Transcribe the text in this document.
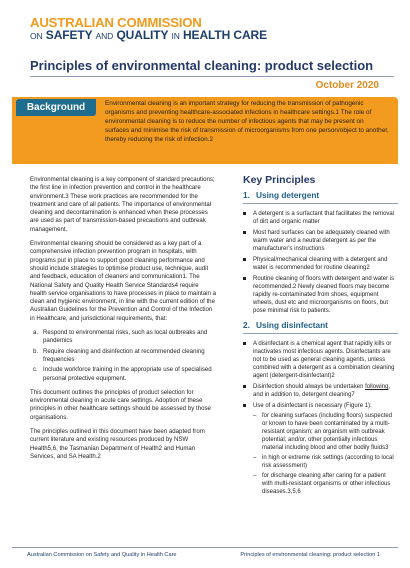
AUSTRALIAN COMMISSION
ON SAFETY AND QUALITY IN HEALTH CARE
Principles of environmental cleaning: product selection
October 2020
Background	Environmental cleaning is an important strategy for reducing the transmission of pathogenic organisms and preventing healthcare-associated infections in healthcare settings.1 The role of environmental cleaning is to reduce the number of infectious agents that may be present on surfaces and minimise the risk of transmission of microorganisms from one person/object to another, thereby reducing the risk of infection.2

Environmental cleaning is a key component of standard precautions; the first line in infection prevention and control in the healthcare environment.3 These work practices are recommended for the treatment and care of all patients. The importance of environmental cleaning and decontamination is enhanced when these processes are used as part of transmission-based precautions and outbreak management.

Environmental cleaning should be considered as a key part of a comprehensive infection prevention program in hospitals, with programs put in place to support good cleaning performance and should include strategies to optimise product use, technique, audit and feedback, education of cleaners and communication1. The National Safety and Quality Health Service Standards4 require health service organisations to have processes in place to maintain a clean and hygienic environment, in line with the current edition of the Australian Guidelines for the Prevention and Control of the Infection in Healthcare, and jurisdictional requirements, that:

a. Respond to environmental risks, such as local outbreaks and pandemics
b. Require cleaning and disinfection at recommended cleaning frequencies
c. Include workforce training in the appropriate use of specialised personal protective equipment.

This document outlines the principles of product selection for environmental cleaning in acute care settings. Adoption of these principles in other healthcare settings should be assessed by those organisations.

The principles outlined in this document have been adapted from current literature and existing resources produced by NSW Health5,6, the Tasmanian Department of Health2 and Human Services, and SA Health.2

Key Principles
1. Using detergent
A detergent is a surfactant that facilitates the removal of dirt and organic matter
Most hard surfaces can be adequately cleaned with warm water and a neutral detergent as per the manufacturer's instructions
Physical/mechanical cleaning with a detergent and water is recommended for routine cleaning2
Routine cleaning of floors with detergent and water is recommended.2 Newly cleaned floors may become rapidly re-contaminated from shoes, equipment wheels, dust etc and microorganisms on floors, but pose minimal risk to patients.
2. Using disinfectant
A disinfectant is a chemical agent that rapidly kills or inactivates most infectious agents. Disinfectants are not to be used as general cleaning agents, unless combined with a detergent as a combination cleaning agent (detergent-disinfectant)2
Disinfection should always be undertaken following, and in addition to, detergent cleaning7
Use of a disinfectant is necessary (Figure 1):
– for cleaning surfaces (including floors) suspected or known to have been contaminated by a multi-resistant organism; an organism with outbreak potential; and/or, other potentially infectious material including blood and other bodily fluids3
– in high or extreme risk settings (according to local risk assessment)
– for discharge cleaning after caring for a patient with multi-resistant organisms or other infectious diseases.3,5,6
Australian Commission on Safety and Quality in Health Care	Principles of environmental cleaning: product selection 1
